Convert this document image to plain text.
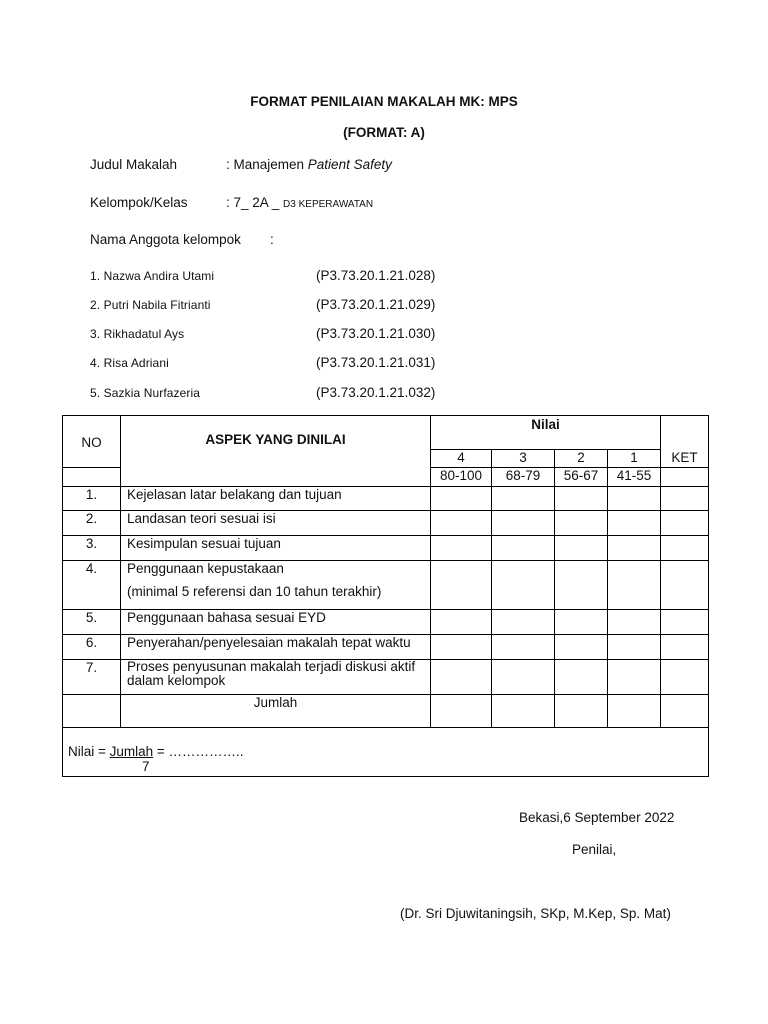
FORMAT PENILAIAN MAKALAH MK: MPS
(FORMAT: A)
Judul Makalah	: Manajemen Patient Safety
Kelompok/Kelas	: 7_ 2A _ D3 KEPERAWATAN
Nama Anggota kelompok :
1. Nazwa Andira Utami	(P3.73.20.1.21.028)
2. Putri Nabila Fitrianti	(P3.73.20.1.21.029)
3. Rikhadatul Ays	(P3.73.20.1.21.030)
4. Risa Adriani	(P3.73.20.1.21.031)
5. Sazkia Nurfazeria	(P3.73.20.1.21.032)
NO	ASPEK YANG DINILAI	Nilai				
		4	3	2	1	KET
		80-100	68-79	56-67	41-55	
1.	Kejelasan latar belakang dan tujuan					
2.	Landasan teori sesuai isi					
3.	Kesimpulan sesuai tujuan					
4.	Penggunaan kepustakaan
(minimal 5 referensi dan 10 tahun terakhir)					

5.	Penggunaan bahasa sesuai EYD					
6.	Penyerahan/penyelesaian makalah tepat waktu					
7.	Proses penyusunan makalah terjadi diskusi aktif
dalam kelompok					

	Jumlah					

Nilai = Jumlah = ……………..
7						
Bekasi,6 September 2022
Penilai,
(Dr. Sri Djuwitaningsih, SKp, M.Kep, Sp. Mat)
